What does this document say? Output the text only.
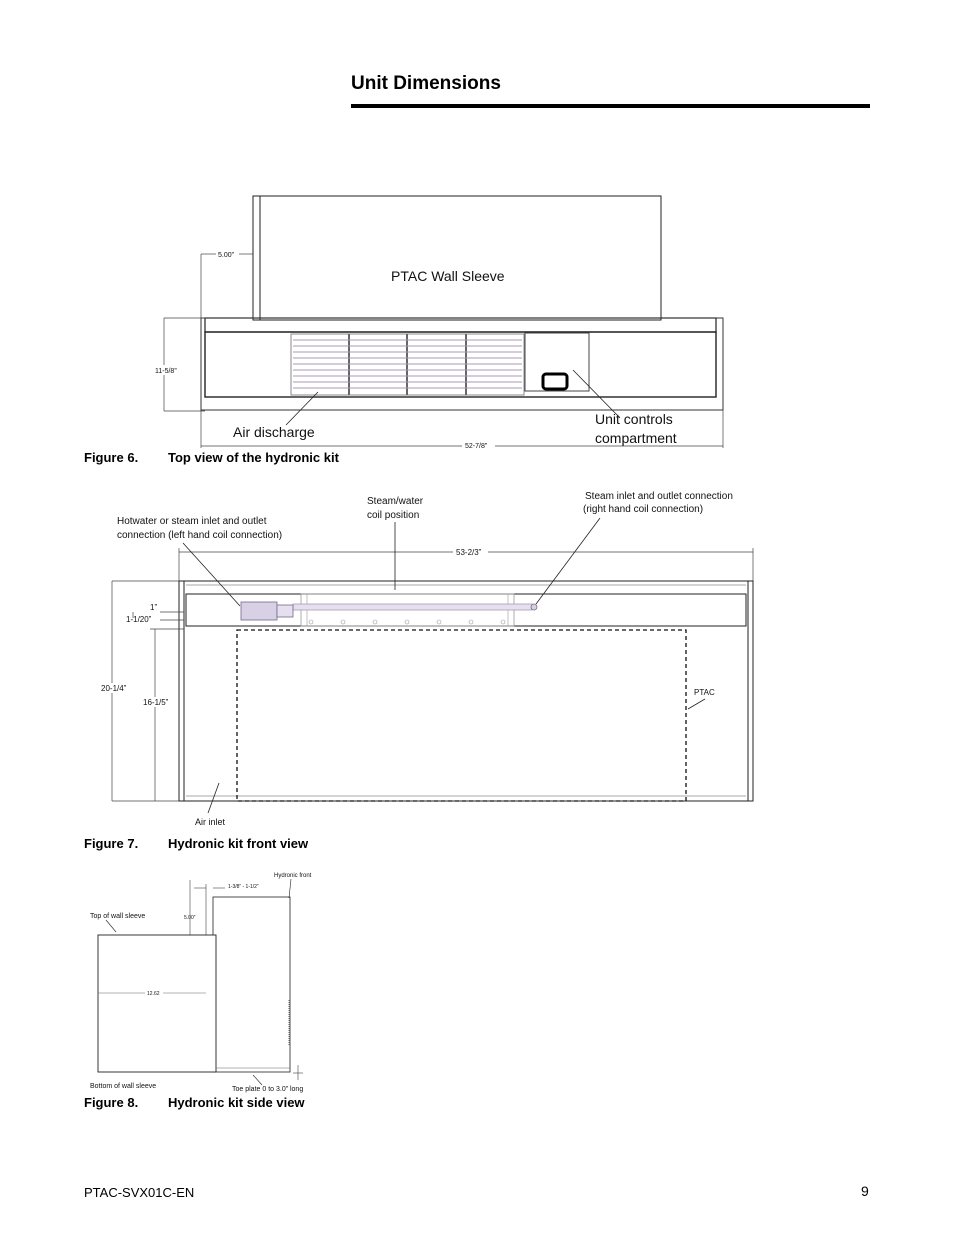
Unit Dimensions
PTAC Wall Sleeve
5.00”
11-5/8”
52-7/8”
Air discharge
Unit controls
compartment
Figure 6. Top view of the hydronic kit
Steam/water
coil position
Steam inlet and outlet connection
(right hand coil connection)
Hotwater or steam inlet and outlet
connection (left hand coil connection)
53-2/3”
PTAC
20-1/4”
16-1/5”
1”
1-1/20”
Air inlet
Figure 7. Hydronic kit front view
Hydronic front
1-3/8” - 1-1/2”
12.62
5.00”
Top of wall sleeve
Bottom of wall sleeve	Toe plate 0 to 3.0” long
Figure 8. Hydronic kit side view
PTAC-SVX01C-EN	9
